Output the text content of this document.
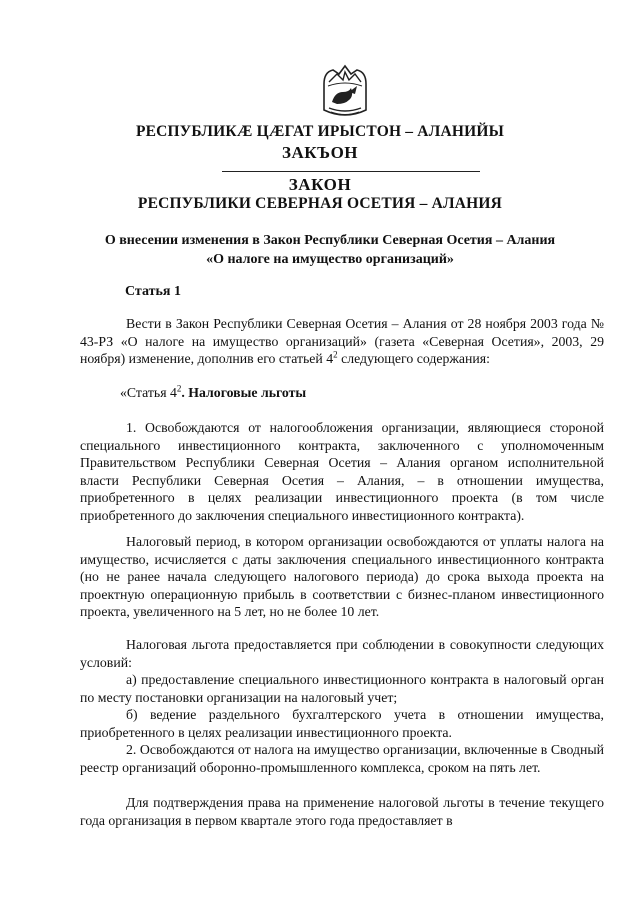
РЕСПУБЛИКÆ ЦÆГАТ ИРЫСТОН – АЛАНИЙЫ
ЗАКЪОН
ЗАКОН
РЕСПУБЛИКИ СЕВЕРНАЯ ОСЕТИЯ – АЛАНИЯ
О внесении изменения в Закон Республики Северная Осетия – Алания
«О налоге на имущество организаций»
Статья 1

Вести в Закон Республики Северная Осетия – Алания от 28 ноября 2003 года № 43-РЗ «О налоге на имущество организаций» (газета «Северная Осетия», 2003, 29 ноября) изменение, дополнив его статьей $4^2$ следующего содержания:

«Статья $4^2$. Налоговые льготы

1. Освобождаются от налогообложения организации, являющиеся стороной специального инвестиционного контракта, заключенного с уполномоченным Правительством Республики Северная Осетия – Алания органом исполнительной власти Республики Северная Осетия – Алания, – в отношении имущества, приобретенного в целях реализации инвестиционного проекта (в том числе приобретенного до заключения специального инвестиционного контракта).

Налоговый период, в котором организации освобождаются от уплаты налога на имущество, исчисляется с даты заключения специального инвестиционного контракта (но не ранее начала следующего налогового периода) до срока выхода проекта на проектную операционную прибыль в соответствии с бизнес-планом инвестиционного проекта, увеличенного на 5 лет, но не более 10 лет.

Налоговая льгота предоставляется при соблюдении в совокупности следующих условий:

а) предоставление специального инвестиционного контракта в налоговый орган по месту постановки организации на налоговый учет;

б) ведение раздельного бухгалтерского учета в отношении имущества, приобретенного в целях реализации инвестиционного проекта.

2. Освобождаются от налога на имущество организации, включенные в Сводный реестр организаций оборонно-промышленного комплекса, сроком на пять лет.

Для подтверждения права на применение налоговой льготы в течение текущего года организация в первом квартале этого года предоставляет в
